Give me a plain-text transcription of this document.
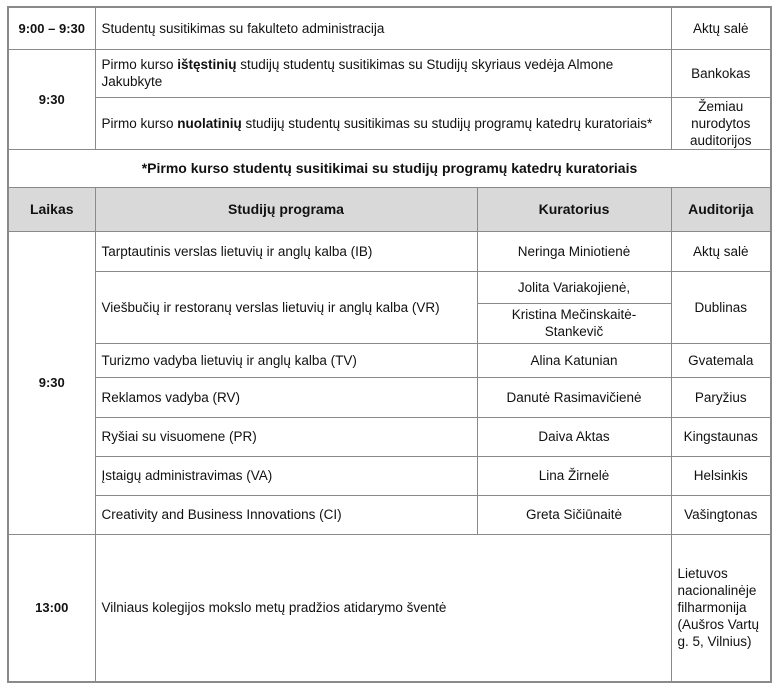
9:00 – 9:30	Studentų susitikimas su fakulteto administracija		Aktų salė
9:30	Pirmo kurso ištęstinių studijų studentų susitikimas su Studijų skyriaus vedėja Almone Jakubkyte		Bankokas
	Pirmo kurso nuolatinių studijų studentų susitikimas su studijų programų katedrų kuratoriais*		Žemiau nurodytos auditorijos
*Pirmo kurso studentų susitikimai su studijų programų katedrų kuratoriais			
Laikas	Studijų programa	Kuratorius	Auditorija
9:30	Tarptautinis verslas lietuvių ir anglų kalba (IB)	Neringa Miniotienė	Aktų salė
	Viešbučių ir restoranų verslas lietuvių ir anglų kalba (VR)	Jolita Variakojienė,	Dublinas
		Kristina Mečinskaitė-Stankevič	
	Turizmo vadyba lietuvių ir anglų kalba (TV)	Alina Katunian	Gvatemala
	Reklamos vadyba (RV)	Danutė Rasimavičienė	Paryžius
	Ryšiai su visuomene (PR)	Daiva Aktas	Kingstaunas
	Įstaigų administravimas (VA)	Lina Žirnelė	Helsinkis
	Creativity and Business Innovations (CI)	Greta Sičiūnaitė	Vašingtonas
13:00	Vilniaus kolegijos mokslo metų pradžios atidarymo šventė		Lietuvos nacionalinėje filharmonija (Aušros Vartų g. 5, Vilnius)
